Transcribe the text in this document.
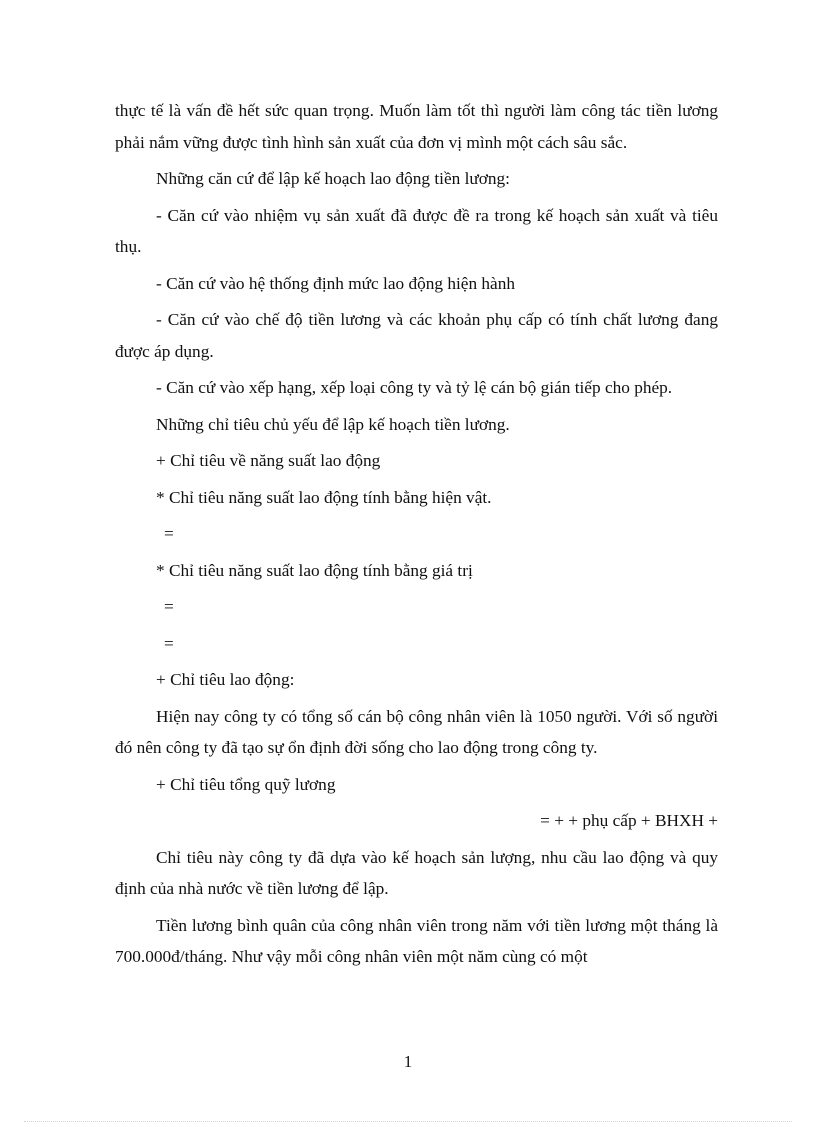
thực tế là vấn đề hết sức quan trọng. Muốn làm tốt thì người làm công tác tiền lương phải nắm vững được tình hình sản xuất của đơn vị mình một cách sâu sắc.

Những căn cứ để lập kế hoạch lao động tiền lương:

- Căn cứ vào nhiệm vụ sản xuất đã được đề ra trong kế hoạch sản xuất và tiêu thụ.

- Căn cứ vào hệ thống định mức lao động hiện hành

- Căn cứ vào chế độ tiền lương và các khoản phụ cấp có tính chất lương đang được áp dụng.

- Căn cứ vào xếp hạng, xếp loại công ty và tỷ lệ cán bộ gián tiếp cho phép.

Những chỉ tiêu chủ yếu để lập kế hoạch tiền lương.

+ Chỉ tiêu về năng suất lao động

* Chỉ tiêu năng suất lao động tính bằng hiện vật.

=

* Chỉ tiêu năng suất lao động tính bằng giá trị

=

=

+ Chỉ tiêu lao động:

Hiện nay công ty có tổng số cán bộ công nhân viên là 1050 người. Với số người đó nên công ty đã tạo sự ổn định đời sống cho lao động trong công ty.

+ Chỉ tiêu tổng quỹ lương

= + + phụ cấp + BHXH +

Chỉ tiêu này công ty đã dựa vào kế hoạch sản lượng, nhu cầu lao động và quy định của nhà nước về tiền lương để lập.

Tiền lương bình quân của công nhân viên trong năm với tiền lương một tháng là 700.000đ/tháng. Như vậy mỗi công nhân viên một năm cùng có một

1
